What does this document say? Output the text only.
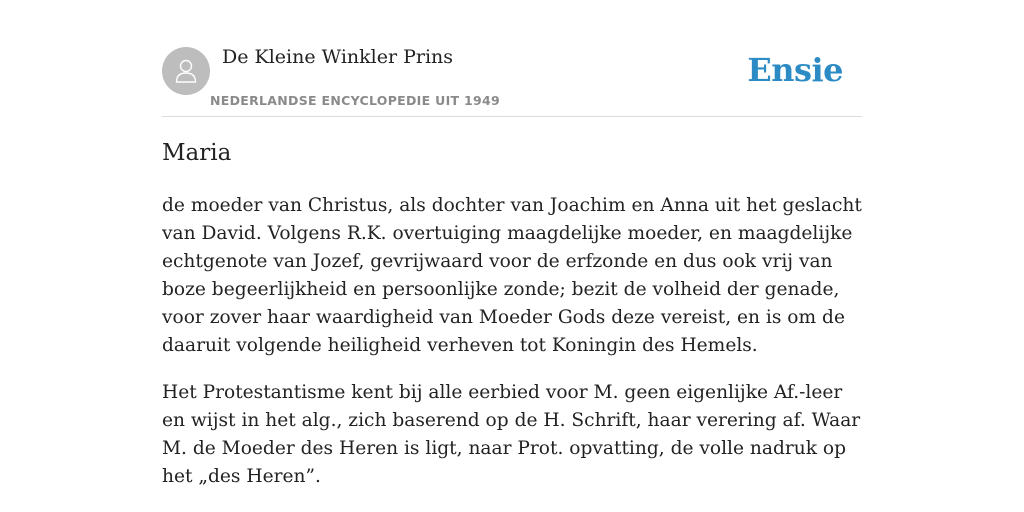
De Kleine Winkler Prins
NEDERLANDSE ENCYCLOPEDIE UIT 1949
Ensie
Maria

de moeder van Christus, als dochter van Joachim en Anna uit het geslacht van David. Volgens R.K. overtuiging maagdelijke moeder, en maagdelijke echtgenote van Jozef, gevrijwaard voor de erfzonde en dus ook vrij van boze begeerlijkheid en persoonlijke zonde; bezit de volheid der genade, voor zover haar waardigheid van Moeder Gods deze vereist, en is om de daaruit volgende heiligheid verheven tot Koningin des Hemels.

Het Protestantisme kent bij alle eerbied voor M. geen eigenlijke Af.-leer en wijst in het alg., zich baserend op de H. Schrift, haar verering af. Waar M. de Moeder des Heren is ligt, naar Prot. opvatting, de volle nadruk op het „des Heren”.
